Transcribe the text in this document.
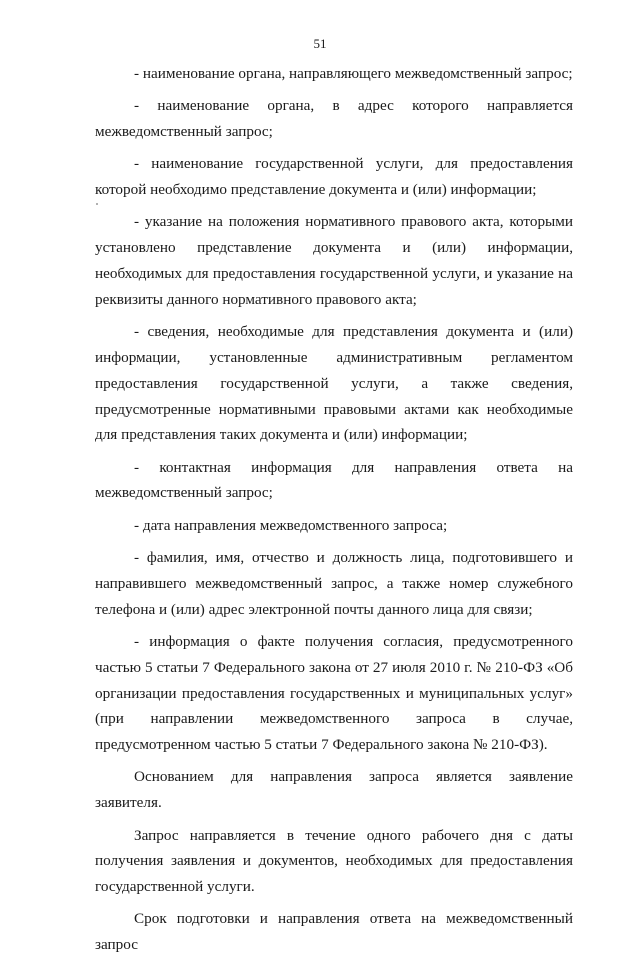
51

- наименование органа, направляющего межведомственный запрос;

- наименование органа, в адрес которого направляется межведомственный запрос;

- наименование государственной услуги, для предоставления которой необходимо представление документа и (или) информации;

- указание на положения нормативного правового акта, которыми установлено представление документа и (или) информации, необходимых для предоставления государственной услуги, и указание на реквизиты данного нормативного правового акта;

- сведения, необходимые для представления документа и (или) информации, установленные административным регламентом предоставления государственной услуги, а также сведения, предусмотренные нормативными правовыми актами как необходимые для представления таких документа и (или) информации;

- контактная информация для направления ответа на межведомственный запрос;

- дата направления межведомственного запроса;

- фамилия, имя, отчество и должность лица, подготовившего и направившего межведомственный запрос, а также номер служебного телефона и (или) адрес электронной почты данного лица для связи;

- информация о факте получения согласия, предусмотренного частью 5 статьи 7 Федерального закона от 27 июля 2010 г. № 210-ФЗ «Об организации предоставления государственных и муниципальных услуг» (при направлении межведомственного запроса в случае, предусмотренном частью 5 статьи 7 Федерального закона № 210-ФЗ).

Основанием для направления запроса является заявление заявителя.

Запрос направляется в течение одного рабочего дня с даты получения заявления и документов, необходимых для предоставления государственной услуги.

Срок подготовки и направления ответа на межведомственный запрос
